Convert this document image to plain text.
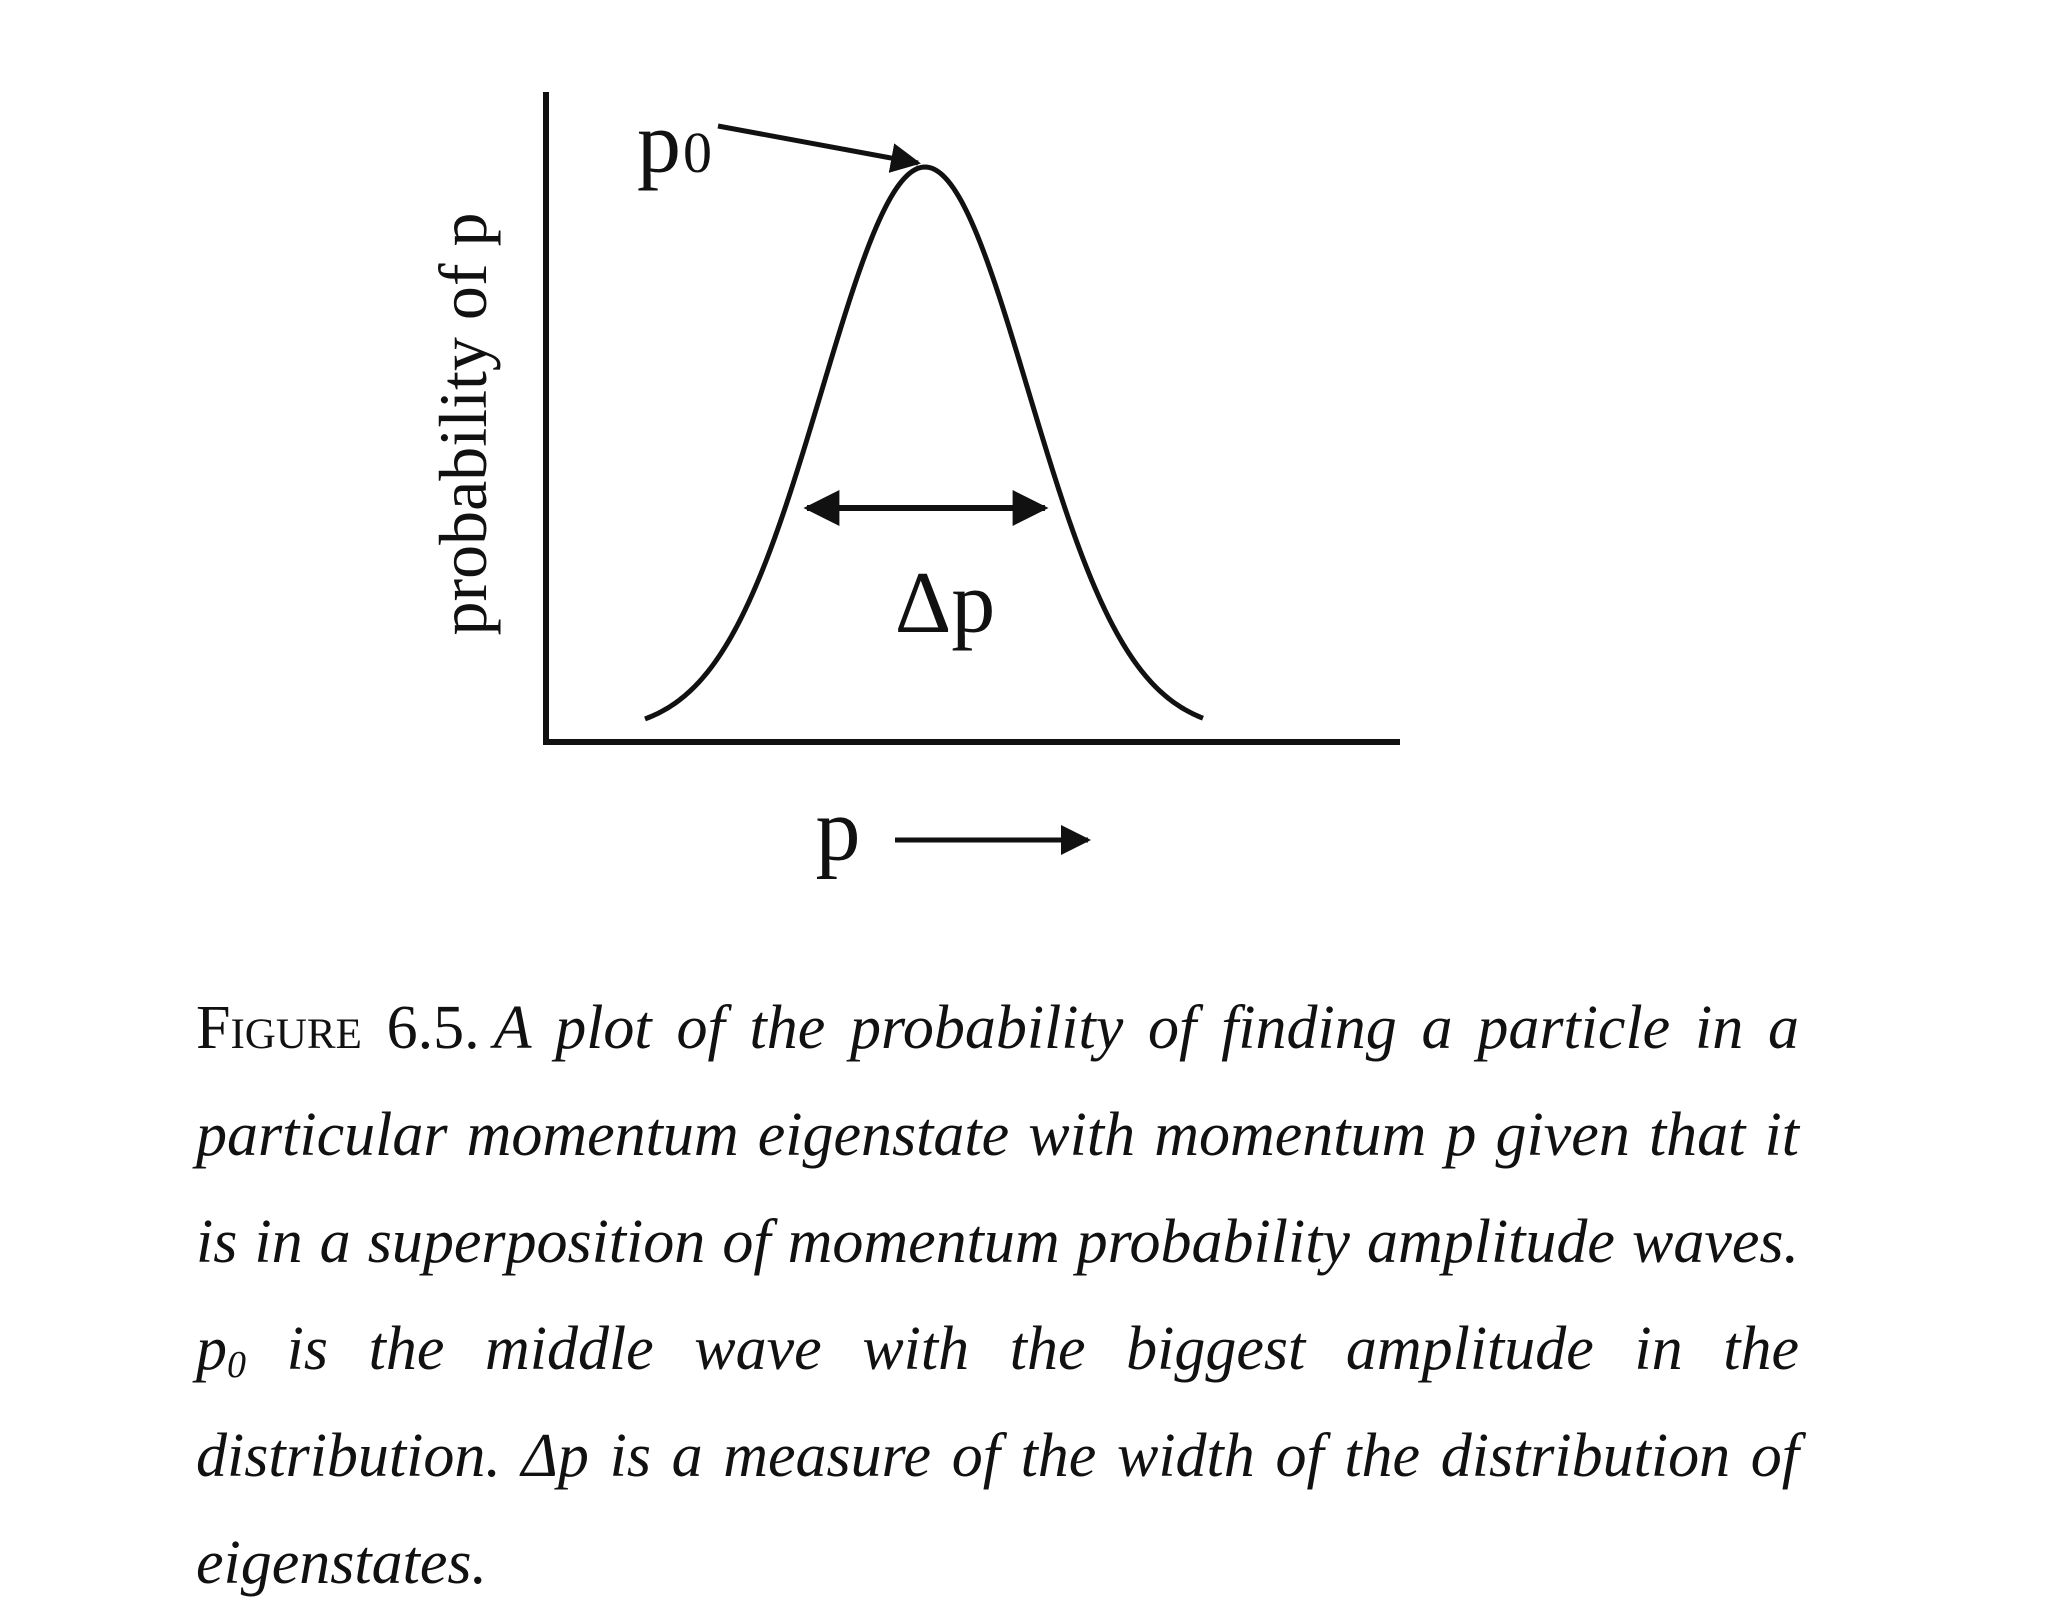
p0
Δp
probability of p
p
Figure 6.5. A plot of the probability of finding a particle in a particular momentum eigenstate with momentum p given that it is in a superposition of momentum probability amplitude waves. $p_0$ is the middle wave with the biggest amplitude in the distribution. Δp is a measure of the width of the distribution of eigenstates.
